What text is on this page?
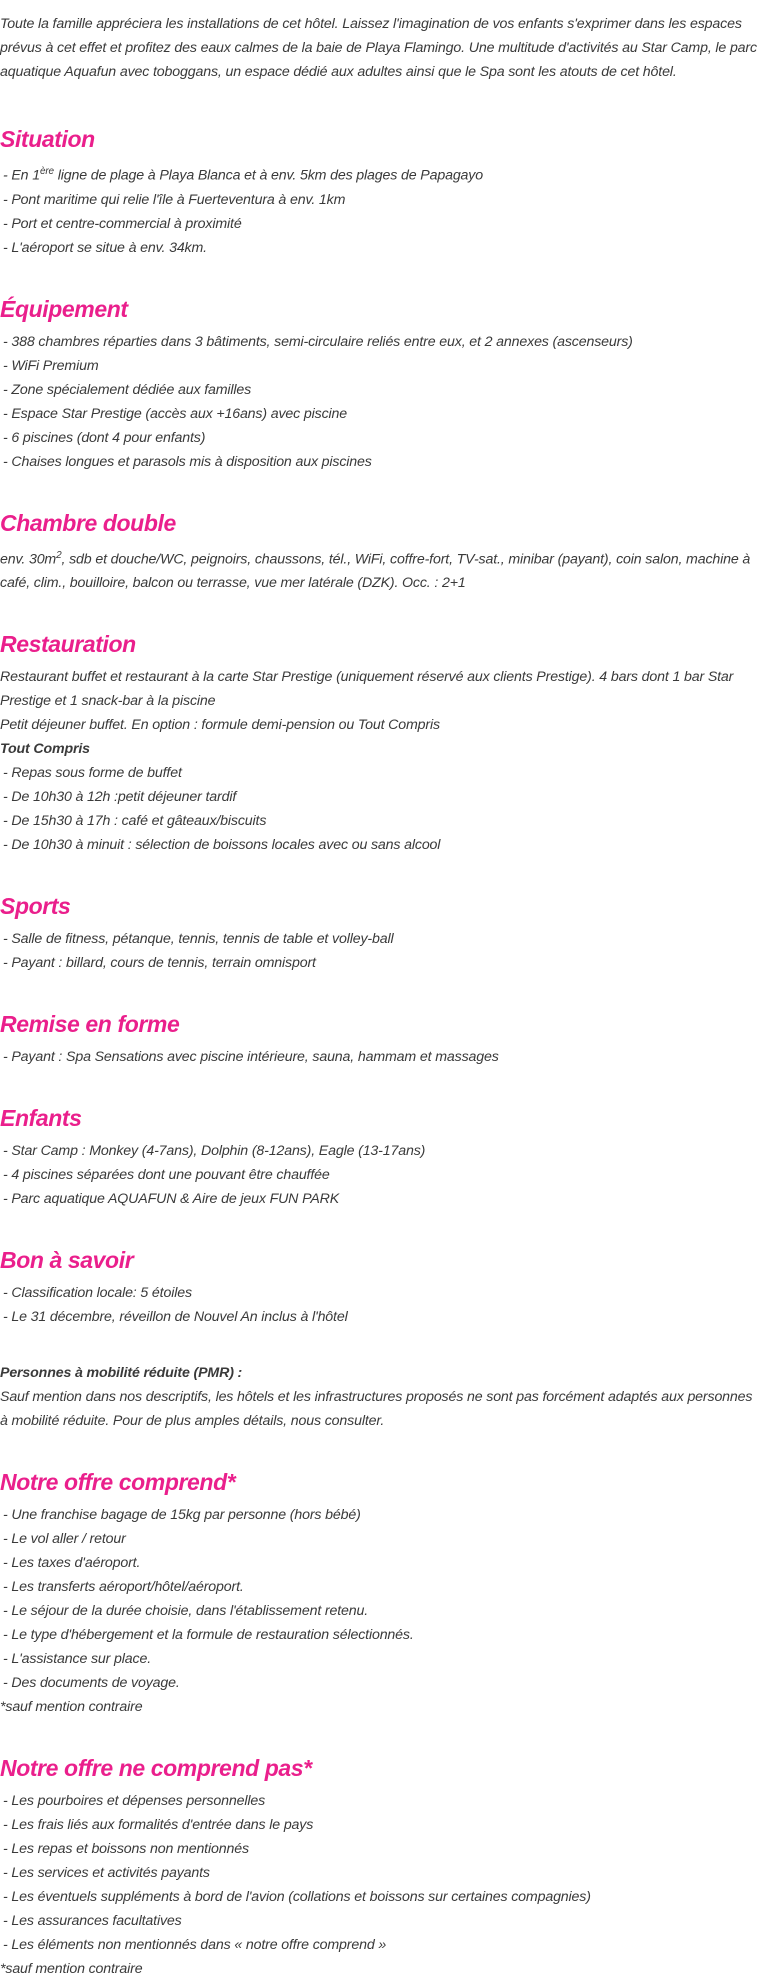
Toute la famille appréciera les installations de cet hôtel. Laissez l'imagination de vos enfants s'exprimer dans les espaces prévus à cet effet et profitez des eaux calmes de la baie de Playa Flamingo. Une multitude d'activités au Star Camp, le parc aquatique Aquafun avec toboggans, un espace dédié aux adultes ainsi que le Spa sont les atouts de cet hôtel.

Situation
- En 1ère ligne de plage à Playa Blanca et à env. 5km des plages de Papagayo
- Pont maritime qui relie l'île à Fuerteventura à env. 1km
- Port et centre-commercial à proximité
- L'aéroport se situe à env. 34km.
Équipement
- 388 chambres réparties dans 3 bâtiments, semi-circulaire reliés entre eux, et 2 annexes (ascenseurs)
- WiFi Premium
- Zone spécialement dédiée aux familles
- Espace Star Prestige (accès aux +16ans) avec piscine
- 6 piscines (dont 4 pour enfants)
- Chaises longues et parasols mis à disposition aux piscines
Chambre double

env. $30m^2$, sdb et douche/WC, peignoirs, chaussons, tél., WiFi, coffre-fort, TV-sat., minibar (payant), coin salon, machine à café, clim., bouilloire, balcon ou terrasse, vue mer latérale (DZK). Occ. : 2+1

Restauration

Restaurant buffet et restaurant à la carte Star Prestige (uniquement réservé aux clients Prestige). 4 bars dont 1 bar Star Prestige et 1 snack-bar à la piscine

Petit déjeuner buffet. En option : formule demi-pension ou Tout Compris

Tout Compris

- Repas sous forme de buffet
- De 10h30 à 12h :petit déjeuner tardif
- De 15h30 à 17h : café et gâteaux/biscuits
- De 10h30 à minuit : sélection de boissons locales avec ou sans alcool
Sports
- Salle de fitness, pétanque, tennis, tennis de table et volley-ball
- Payant : billard, cours de tennis, terrain omnisport
Remise en forme
- Payant : Spa Sensations avec piscine intérieure, sauna, hammam et massages
Enfants
- Star Camp : Monkey (4-7ans), Dolphin (8-12ans), Eagle (13-17ans)
- 4 piscines séparées dont une pouvant être chauffée
- Parc aquatique AQUAFUN & Aire de jeux FUN PARK
Bon à savoir
- Classification locale: 5 étoiles
- Le 31 décembre, réveillon de Nouvel An inclus à l'hôtel

Personnes à mobilité réduite (PMR) :

Sauf mention dans nos descriptifs, les hôtels et les infrastructures proposés ne sont pas forcément adaptés aux personnes à mobilité réduite. Pour de plus amples détails, nous consulter.

Notre offre comprend*
- Une franchise bagage de 15kg par personne (hors bébé)
- Le vol aller / retour
- Les taxes d'aéroport.
- Les transferts aéroport/hôtel/aéroport.
- Le séjour de la durée choisie, dans l'établissement retenu.
- Le type d'hébergement et la formule de restauration sélectionnés.
- L'assistance sur place.
- Des documents de voyage.

*sauf mention contraire

Notre offre ne comprend pas*
- Les pourboires et dépenses personnelles
- Les frais liés aux formalités d'entrée dans le pays
- Les repas et boissons non mentionnés
- Les services et activités payants
- Les éventuels suppléments à bord de l'avion (collations et boissons sur certaines compagnies)
- Les assurances facultatives
- Les éléments non mentionnés dans « notre offre comprend »

*sauf mention contraire
